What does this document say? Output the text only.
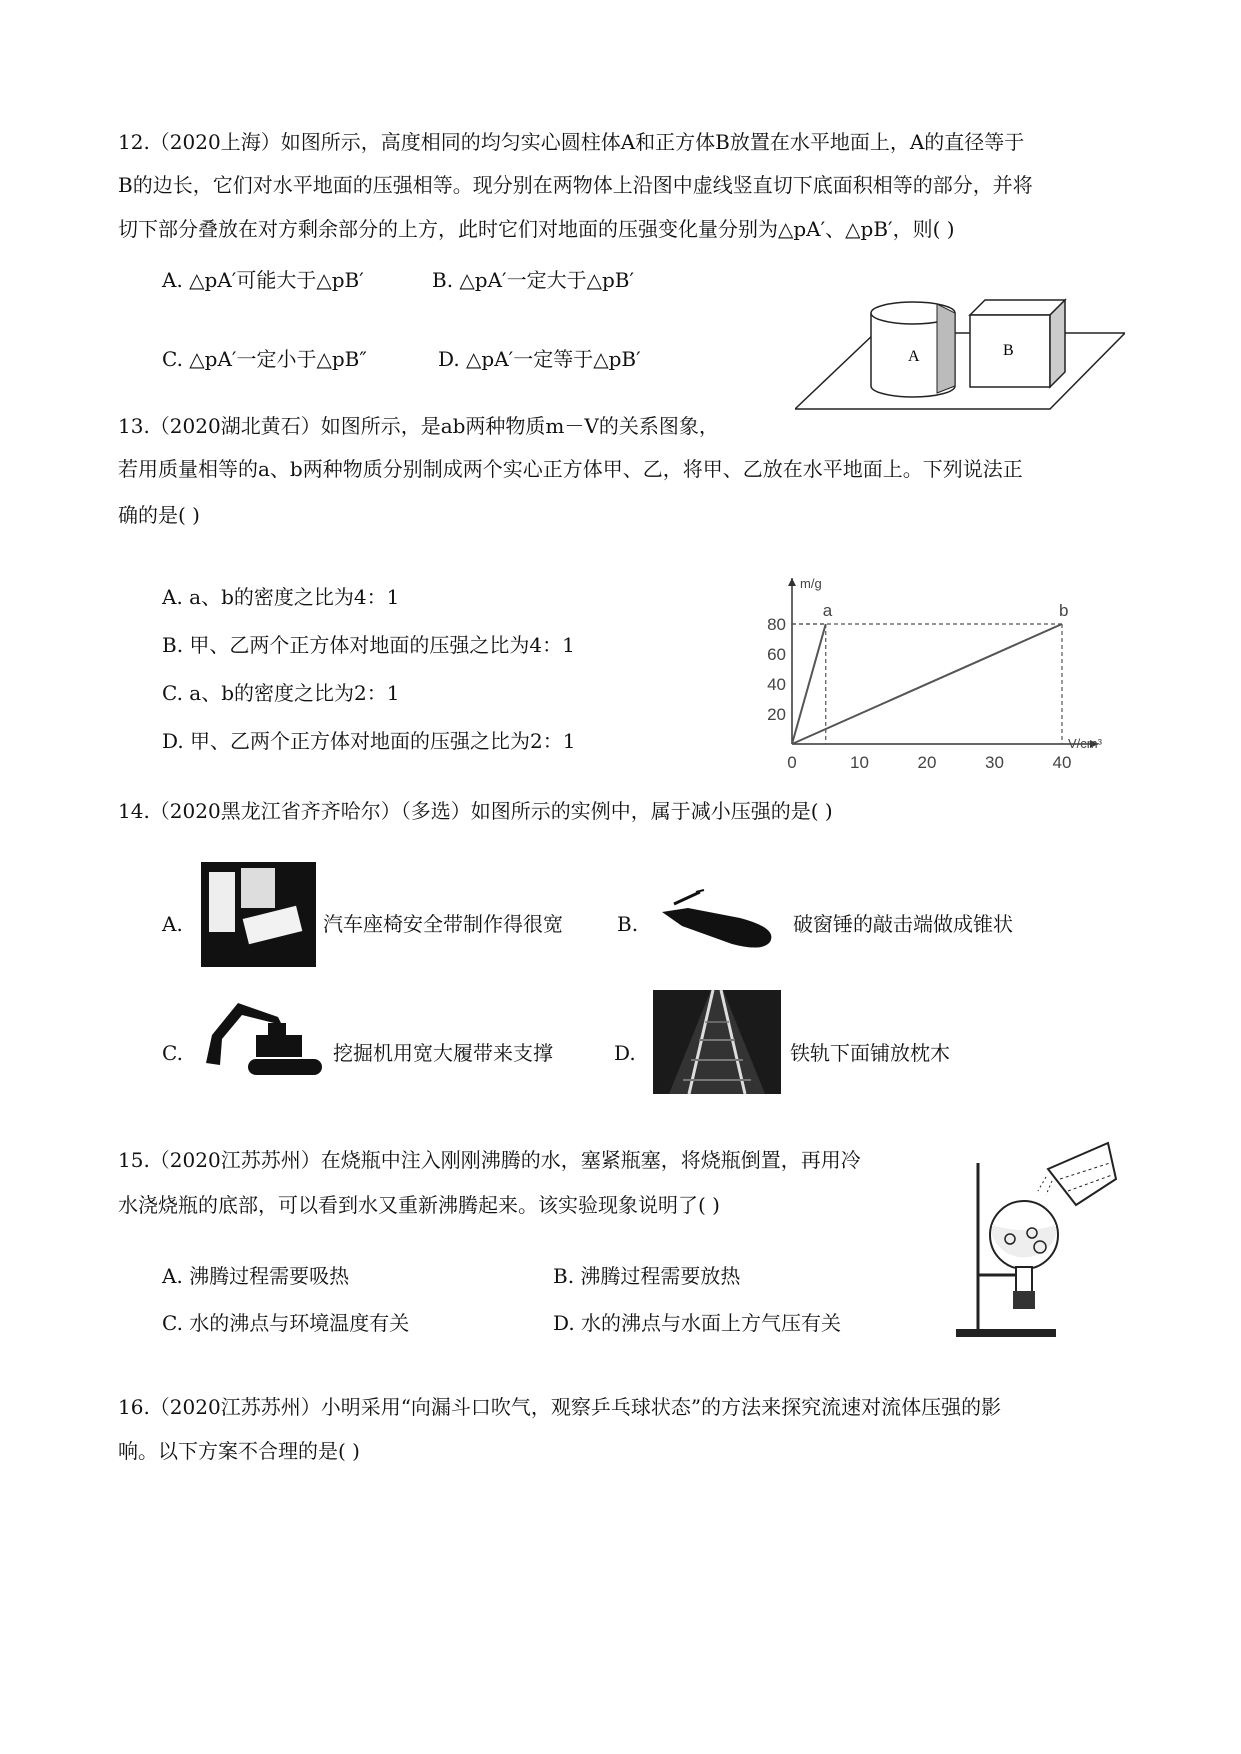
12.（2020上海）如图所示，高度相同的均匀实心圆柱体A和正方体B放置在水平地面上，A的直径等于
B的边长，它们对水平地面的压强相等。现分别在两物体上沿图中虚线竖直切下底面积相等的部分，并将
切下部分叠放在对方剩余部分的上方，此时它们对地面的压强变化量分别为△pA′、△pB′，则( )
A. △pA′可能大于△pB′	B. △pA′一定大于△pB′
C. △pA′一定小于△pB″	D. △pA′一定等于△pB′	A	B
13.（2020湖北黄石）如图所示，是ab两种物质m－V的关系图象，
若用质量相等的a、b两种物质分别制成两个实心正方体甲、乙，将甲、乙放在水平地面上。下列说法正
确的是( )
A. a、b的密度之比为4：1
B. 甲、乙两个正方体对地面的压强之比为4：1
C. a、b的密度之比为2：1
D. 甲、乙两个正方体对地面的压强之比为2：1
m/g
V/cm³
0	10	20	30	40
20
40
60
80
a	b
14.（2020黑龙江省齐齐哈尔）（多选）如图所示的实例中，属于减小压强的是( )
A.	汽车座椅安全带制作得很宽	B.	破窗锤的敲击端做成锥状
C.	挖掘机用宽大履带来支撑	D.	铁轨下面铺放枕木
15.（2020江苏苏州）在烧瓶中注入刚刚沸腾的水，塞紧瓶塞，将烧瓶倒置，再用冷
水浇烧瓶的底部，可以看到水又重新沸腾起来。该实验现象说明了( )
A. 沸腾过程需要吸热	B. 沸腾过程需要放热
C. 水的沸点与环境温度有关	D. 水的沸点与水面上方气压有关
16.（2020江苏苏州）小明采用“向漏斗口吹气，观察乒乓球状态”的方法来探究流速对流体压强的影
响。以下方案不合理的是( )
